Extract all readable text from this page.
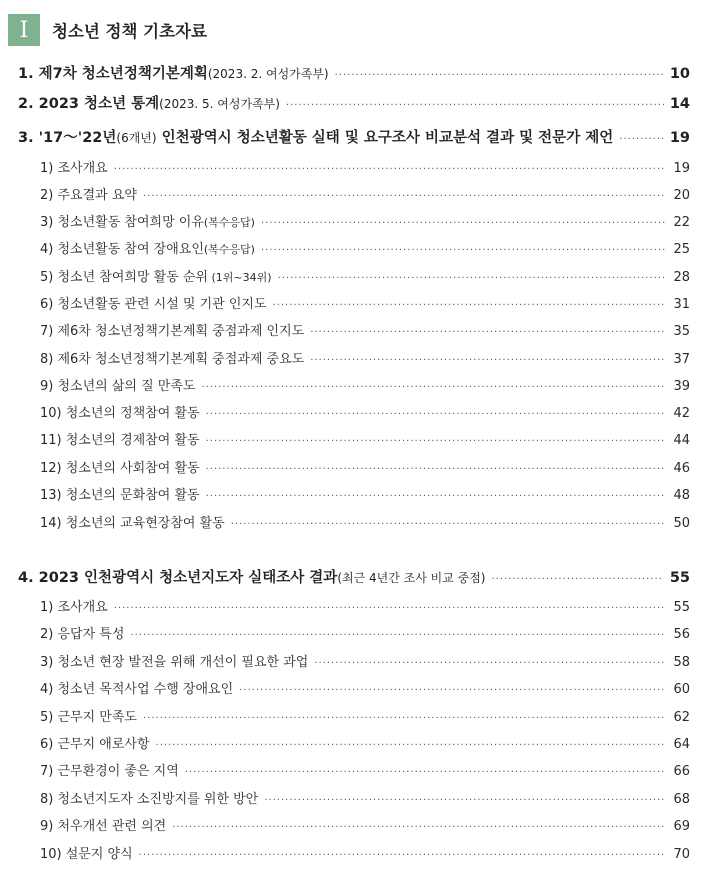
I	청소년 정책 기초자료
1. 제7차 청소년정책기본계획(2023. 2. 여성가족부) ·····	10
2. 2023 청소년 통계(2023. 5. 여성가족부) ·····	14
3. '17～'22년(6개년) 인천광역시 청소년활동 실태 및 요구조사 비교분석 결과 및 전문가 제언 ·····	19
1) 조사개요 ·····	19
2) 주요결과 요약 ·····	20
3) 청소년활동 참여희망 이유(복수응답) ·····	22
4) 청소년활동 참여 장애요인(복수응답) ·····	25
5) 청소년 참여희망 활동 순위 (1위~34위) ·····	28
6) 청소년활동 관련 시설 및 기관 인지도 ·····	31
7) 제6차 청소년정책기본계획 중점과제 인지도 ·····	35
8) 제6차 청소년정책기본계획 중점과제 중요도 ·····	37
9) 청소년의 삶의 질 만족도 ·····	39
10) 청소년의 정책참여 활동 ·····	42
11) 청소년의 경제참여 활동 ·····	44
12) 청소년의 사회참여 활동 ·····	46
13) 청소년의 문화참여 활동 ·····	48
14) 청소년의 교육현장참여 활동 ·····	50
4. 2023 인천광역시 청소년지도자 실태조사 결과(최근 4년간 조사 비교 중점) ·····	55
1) 조사개요 ·····	55
2) 응답자 특성 ·····	56
3) 청소년 현장 발전을 위해 개선이 필요한 과업 ·····	58
4) 청소년 목적사업 수행 장애요인 ·····	60
5) 근무지 만족도 ·····	62
6) 근무지 애로사항 ·····	64
7) 근무환경이 좋은 지역 ·····	66
8) 청소년지도자 소진방지를 위한 방안 ·····	68
9) 처우개선 관련 의견 ·····	69
10) 설문지 양식 ·····	70
